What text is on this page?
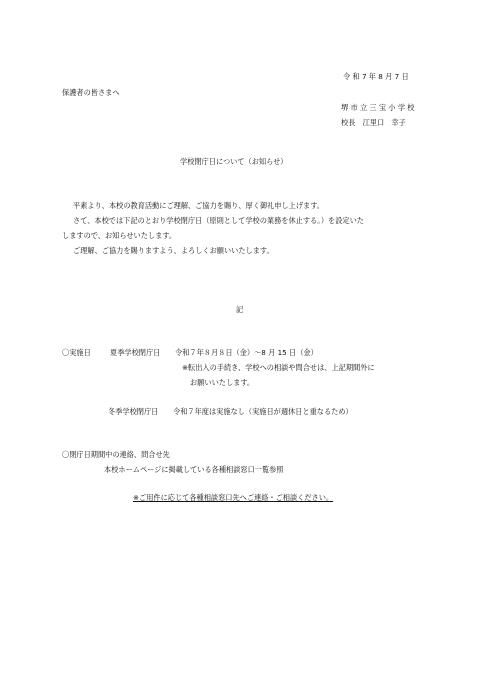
令 和 7 年 8 月 7 日

保護者の皆さまへ

堺 市 立 三 宝 小 学 校

校長　江里口　幸子

学校閉庁日について（お知らせ）

平素より、本校の教育活動にご理解、ご協力を賜り、厚く御礼申し上げます。

さて、本校では下記のとおり学校閉庁日（原則として学校の業務を休止する。）を設定いた

しますので、お知らせいたします。

ご理解、ご協力を賜りますよう、よろしくお願いいたします。

記

〇実施日	夏季学校閉庁日 令和７年８月８日（金）～8 月 15 日（金）

※転出入の手続き、学校への相談や問合せは、上記期間外に

お願いいたします。

冬季学校閉庁日 令和７年度は実施なし（実施日が週休日と重なるため）

〇閉庁日期間中の連絡、問合せ先

本校ホームページに掲載している各種相談窓口一覧参照

※ご用件に応じて各種相談窓口先へご連絡・ご相談ください。
